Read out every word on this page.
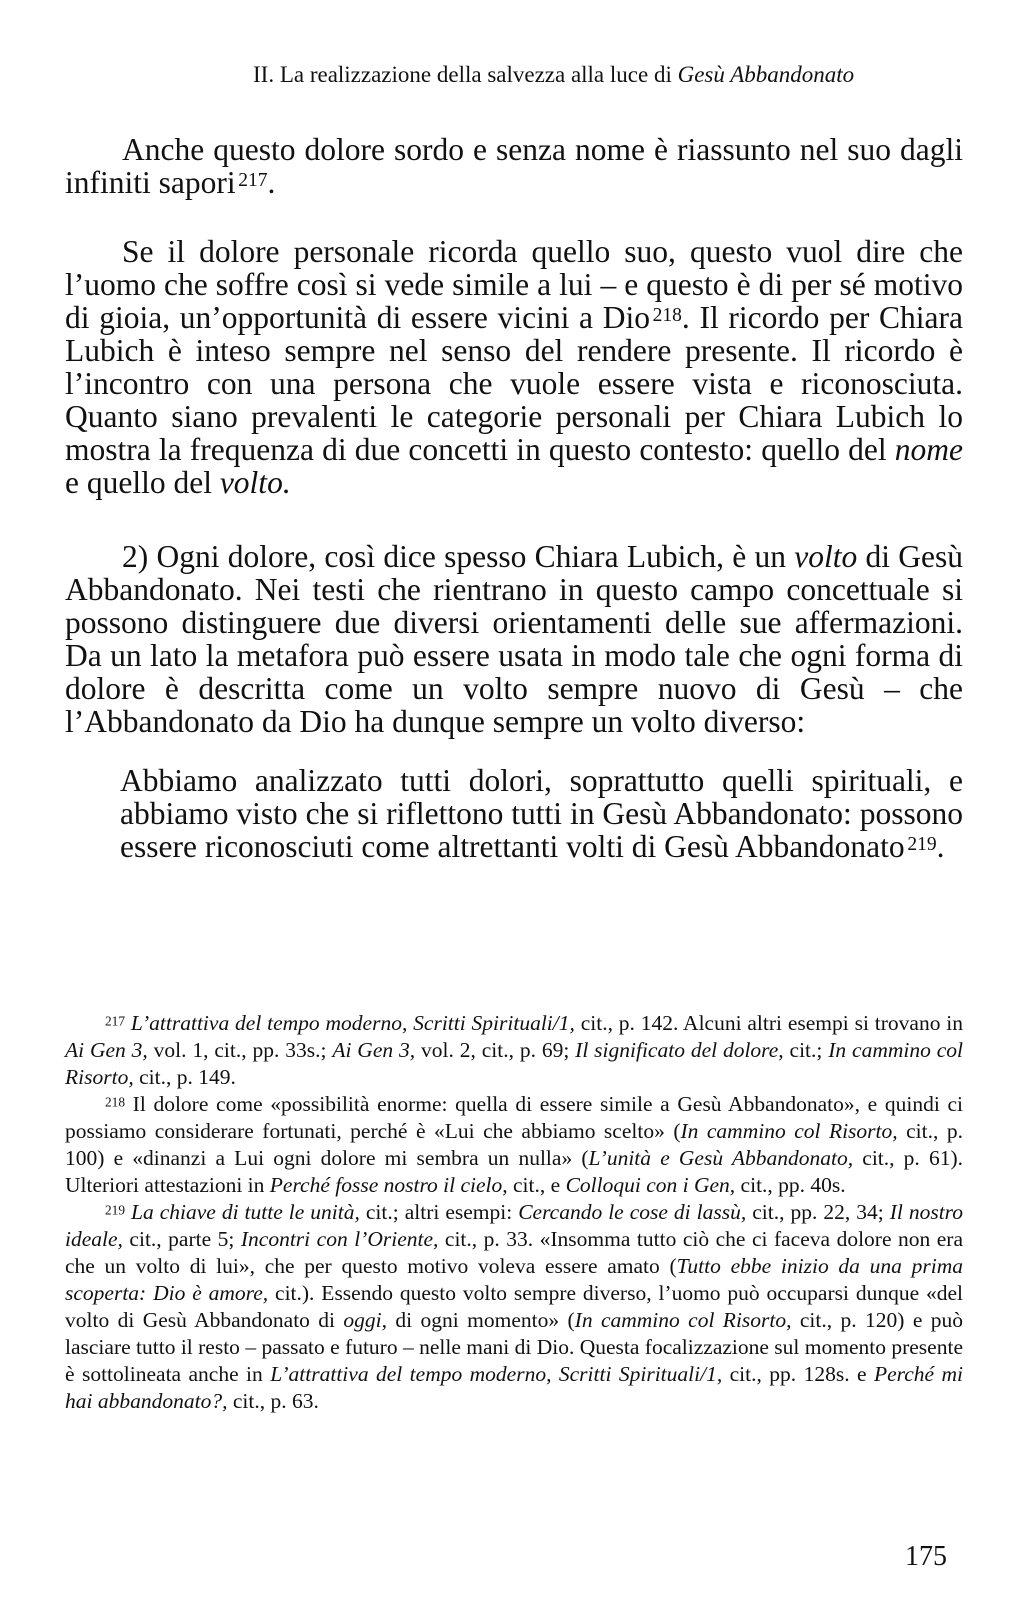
II. La realizzazione della salvezza alla luce di Gesù Abbandonato

Anche questo dolore sordo e senza nome è riassunto nel suo dagli infiniti sapori  $^{217}$.

Se il dolore personale ricorda quello suo, questo vuol dire che l’uomo che soffre così si vede simile a lui – e questo è di per sé motivo di gioia, un’opportunità di essere vicini a Dio  $^{218}$. Il ricordo per Chiara Lubich è inteso sempre nel senso del rendere presente. Il ricordo è l’incontro con una persona che vuole essere vista e riconosciuta. Quanto siano prevalenti le categorie personali per Chiara Lubich lo mostra la frequenza di due concetti in questo contesto: quello del nome e quello del volto.

2) Ogni dolore, così dice spesso Chiara Lubich, è un volto di Gesù Abbandonato. Nei testi che rientrano in questo campo concettuale si possono distinguere due diversi orientamenti delle sue affermazioni. Da un lato la metafora può essere usata in modo tale che ogni forma di dolore è descritta come un volto sempre nuovo di Gesù – che l’Abbandonato da Dio ha dunque sempre un volto diverso:

Abbiamo analizzato tutti dolori, soprattutto quelli spirituali, e abbiamo visto che si riflettono tutti in Gesù Abbandonato: possono essere riconosciuti come altrettanti volti di Gesù Abbandonato  $^{219}$.

$^{217}$ L’attrattiva del tempo moderno, Scritti Spirituali/1, cit., p. 142. Alcuni altri esempi si trovano in Ai Gen 3, vol. 1, cit., pp. 33s.; Ai Gen 3, vol. 2, cit., p. 69; Il significato del dolore, cit.; In cammino col Risorto, cit., p. 149.

$^{218}$ Il dolore come «possibilità enorme: quella di essere simile a Gesù Abbandonato», e quindi ci possiamo considerare fortunati, perché è «Lui che abbiamo scelto» (In cammino col Risorto, cit., p. 100) e «dinanzi a Lui ogni dolore mi sembra un nulla» (L’unità e Gesù Abbandonato, cit., p. 61). Ulteriori attestazioni in Perché fosse nostro il cielo, cit., e Colloqui con i Gen, cit., pp. 40s.

$^{219}$ La chiave di tutte le unità, cit.; altri esempi: Cercando le cose di lassù, cit., pp. 22, 34; Il nostro ideale, cit., parte 5; Incontri con l’Oriente, cit., p. 33. «Insomma tutto ciò che ci faceva dolore non era che un volto di lui», che per questo motivo voleva essere amato (Tutto ebbe inizio da una prima scoperta: Dio è amore, cit.). Essendo questo volto sempre diverso, l’uomo può occuparsi dunque «del volto di Gesù Abbandonato di oggi, di ogni momento» (In cammino col Risorto, cit., p. 120) e può lasciare tutto il resto – passato e futuro – nelle mani di Dio. Questa focalizzazione sul momento presente è sottolineata anche in L’attrattiva del tempo moderno, Scritti Spirituali/1, cit., pp. 128s. e Perché mi hai abbandonato?, cit., p. 63.

175
